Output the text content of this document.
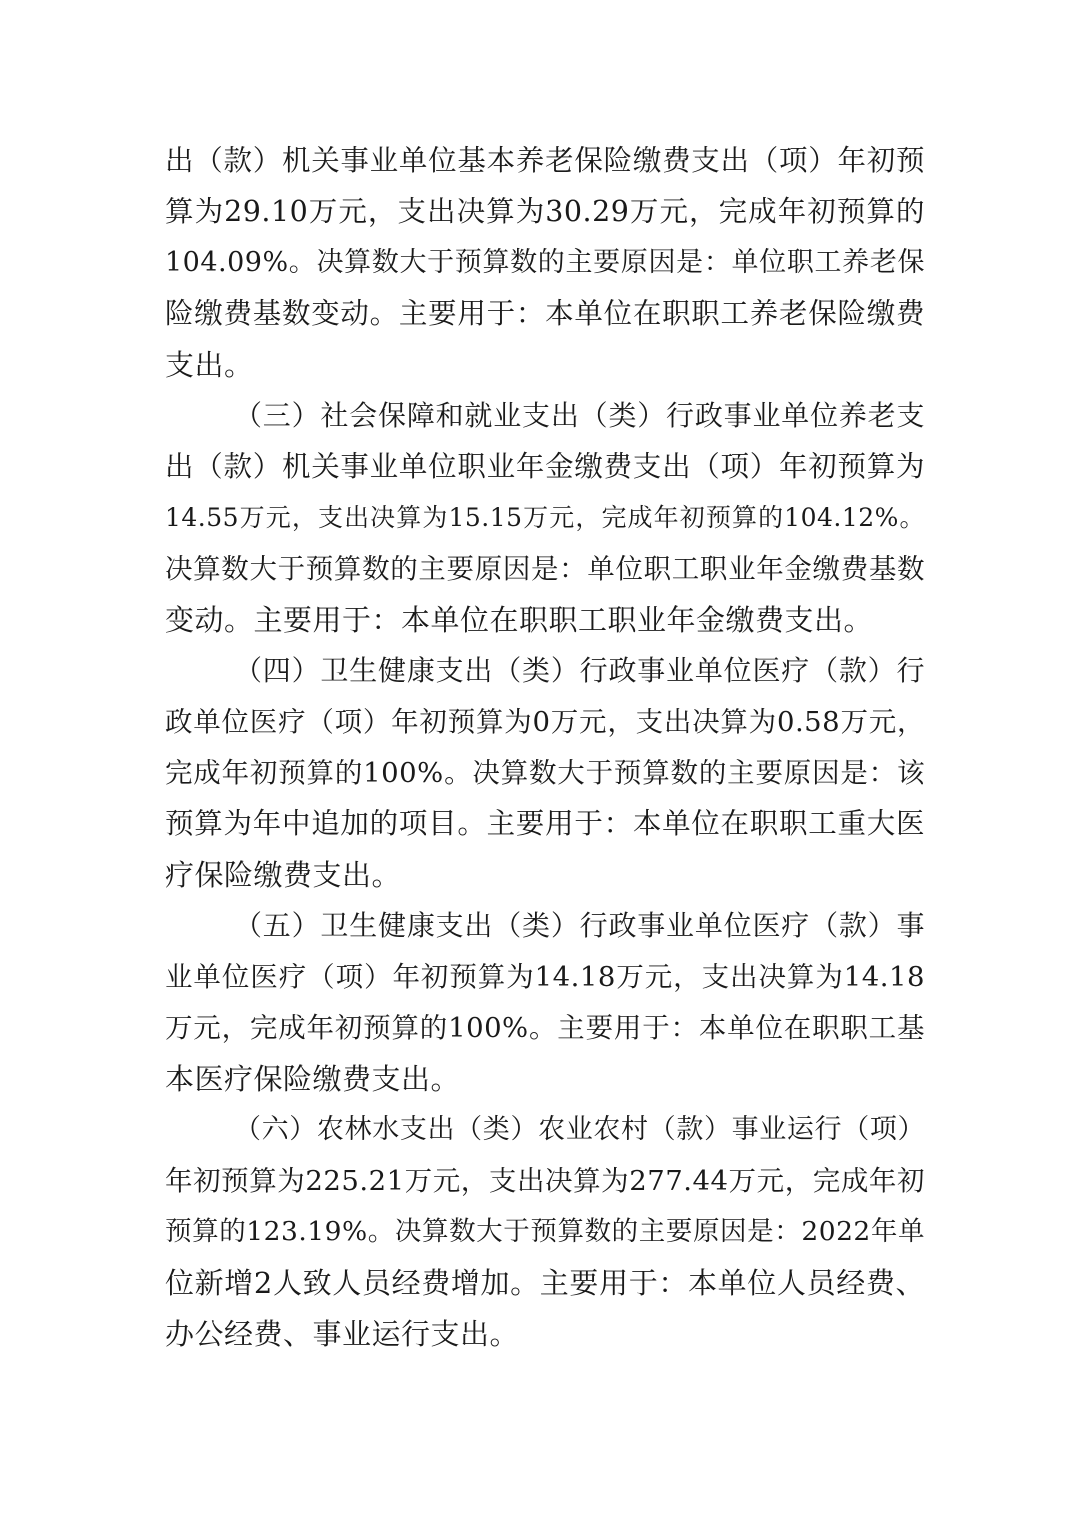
出（款）机关事业单位基本养老保险缴费支出（项）年初预
算为29.10万元，支出决算为30.29万元，完成年初预算的
104.09%。决算数大于预算数的主要原因是：单位职工养老保
险缴费基数变动。主要用于：本单位在职职工养老保险缴费
支出。
（三）社会保障和就业支出（类）行政事业单位养老支
出（款）机关事业单位职业年金缴费支出（项）年初预算为
14.55万元，支出决算为15.15万元，完成年初预算的104.12%。
决算数大于预算数的主要原因是：单位职工职业年金缴费基数
变动。主要用于：本单位在职职工职业年金缴费支出。
（四）卫生健康支出（类）行政事业单位医疗（款）行
政单位医疗（项）年初预算为0万元，支出决算为0.58万元，
完成年初预算的100%。决算数大于预算数的主要原因是：该
预算为年中追加的项目。主要用于：本单位在职职工重大医
疗保险缴费支出。
（五）卫生健康支出（类）行政事业单位医疗（款）事
业单位医疗（项）年初预算为14.18万元，支出决算为14.18
万元，完成年初预算的100%。主要用于：本单位在职职工基
本医疗保险缴费支出。
（六）农林水支出（类）农业农村（款）事业运行（项）
年初预算为225.21万元，支出决算为277.44万元，完成年初
预算的123.19%。决算数大于预算数的主要原因是：2022年单
位新增2人致人员经费增加。主要用于：本单位人员经费、
办公经费、事业运行支出。
